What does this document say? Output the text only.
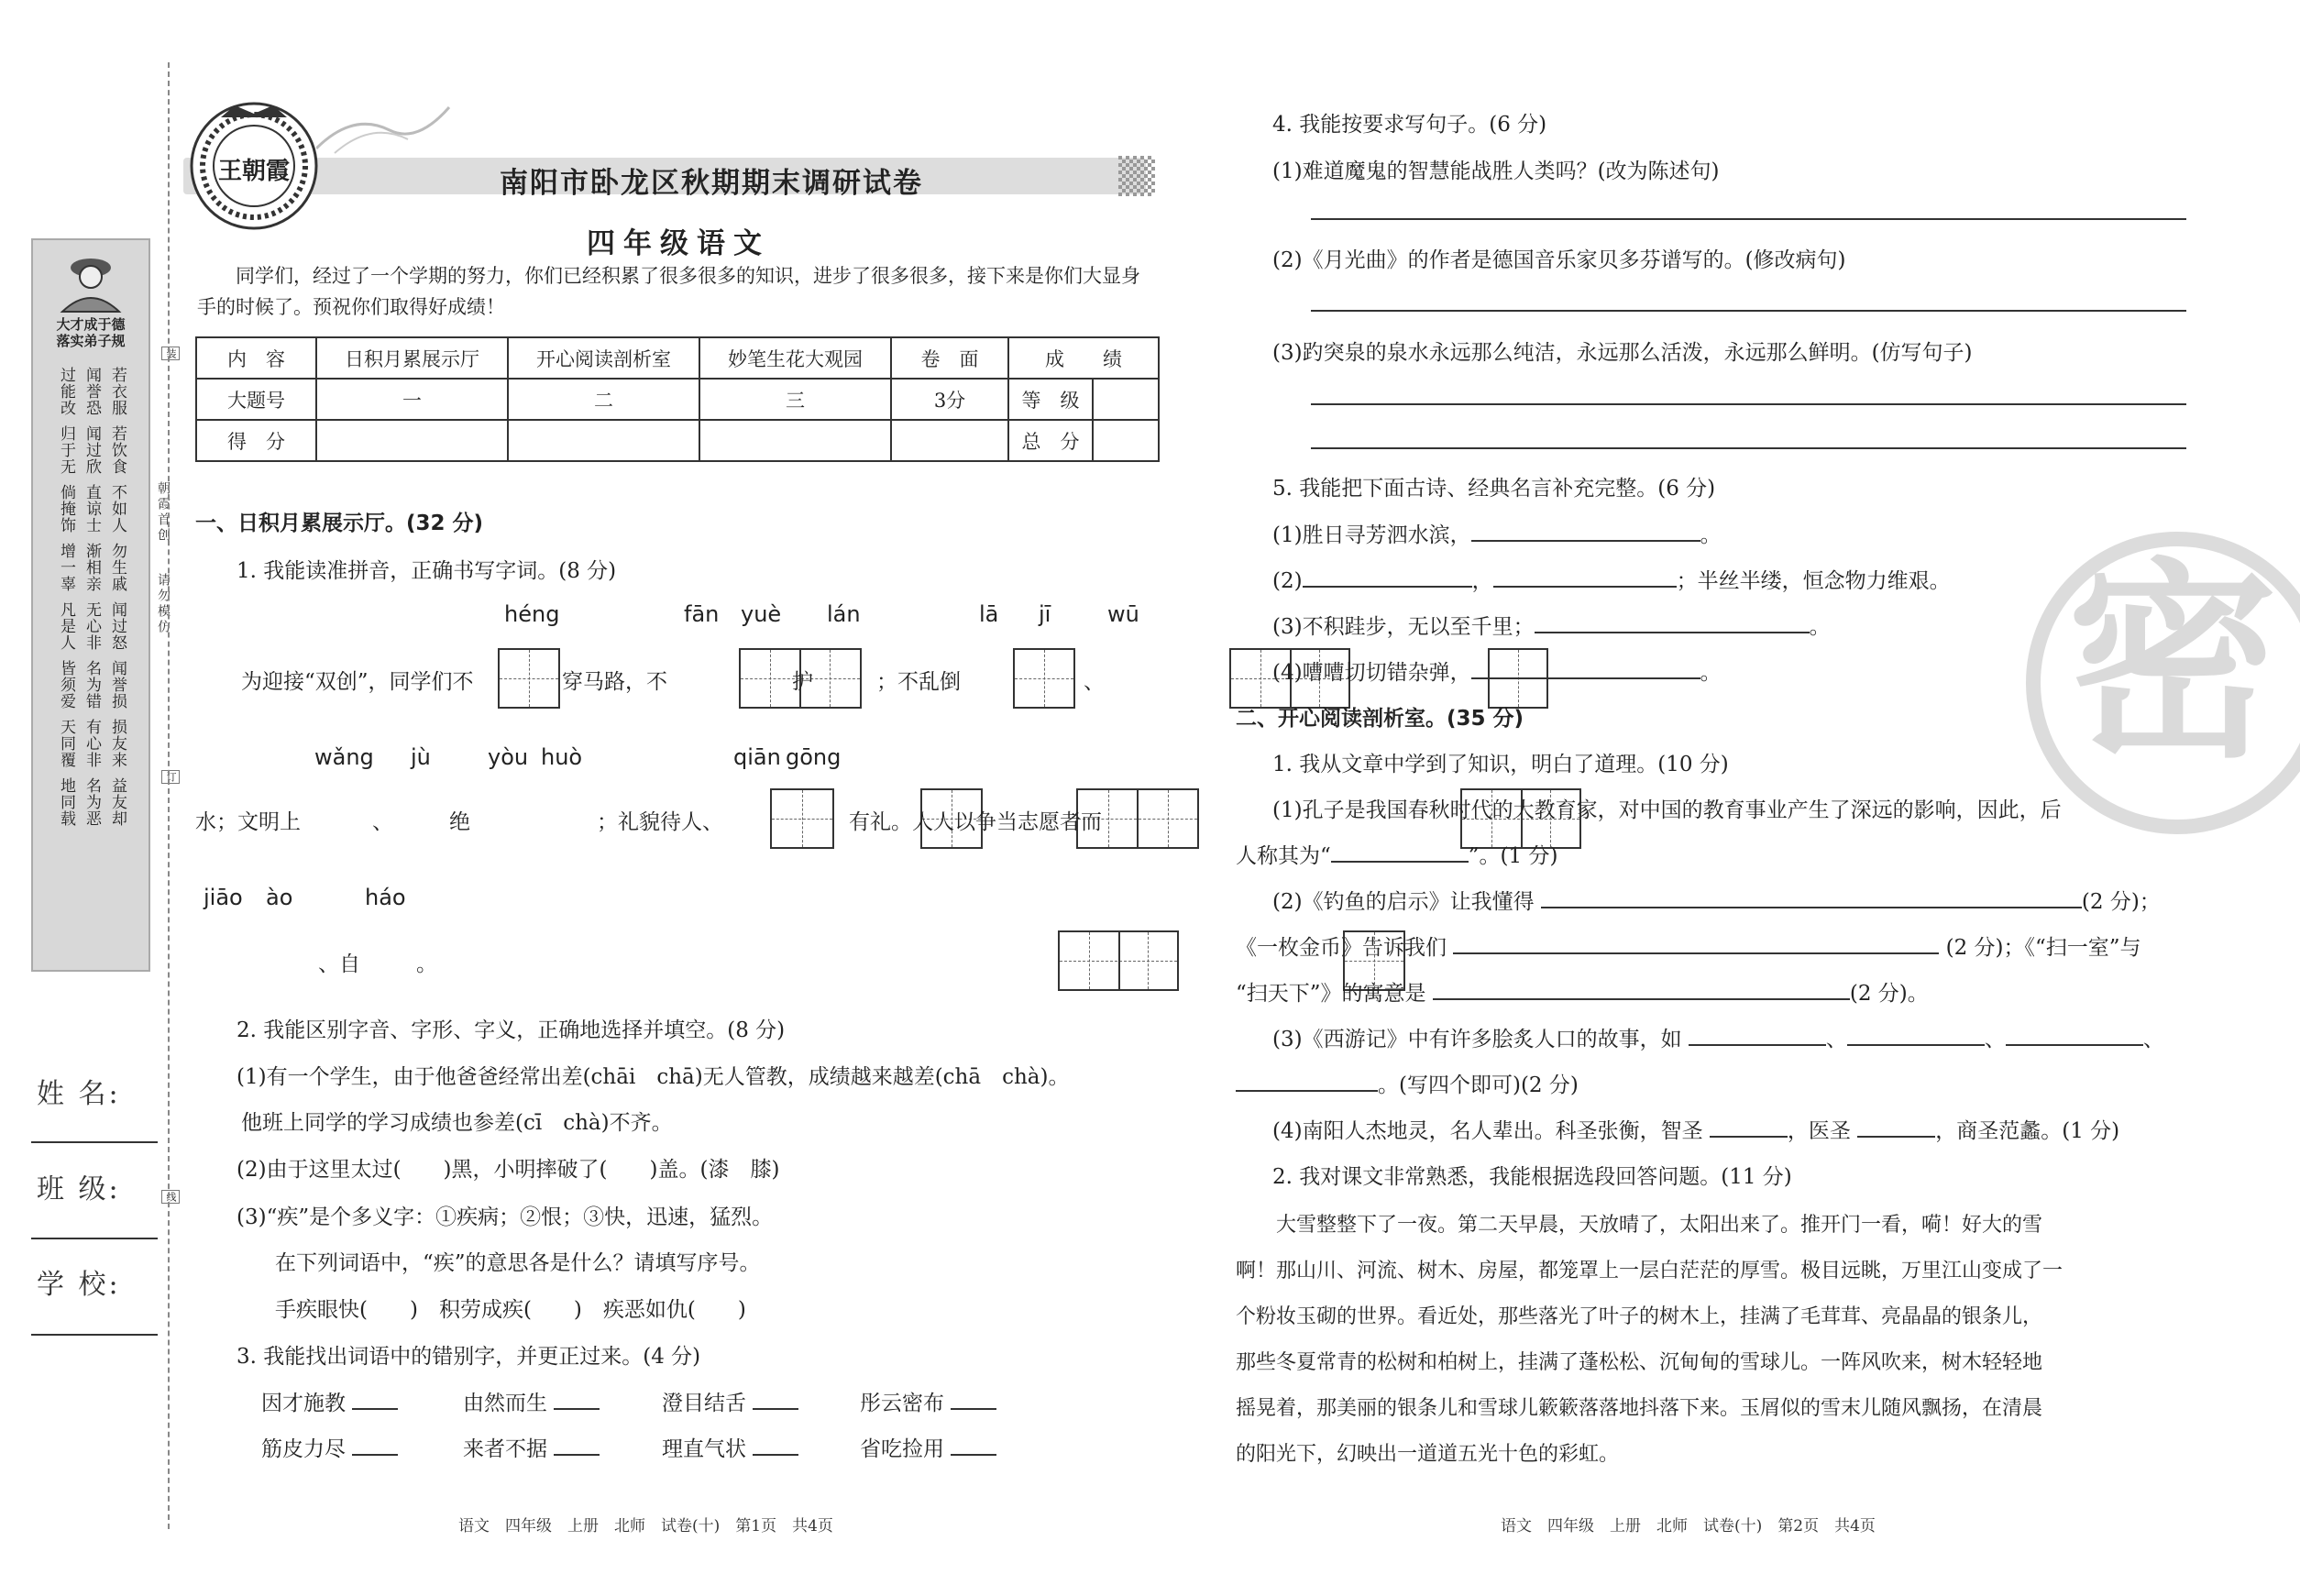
大才成于德
落实弟子规
过能改 闻誉恐 若衣服
归于无 闻过欣 若饮食
倘掩饰 直谅士 不如人
增一辜 渐相亲 勿生戚
凡是人 无心非 闻过怒
皆须爱 名为错 闻誉损
天同覆 有心非 损友来
地同载 名为恶 益友却
朝霞首创
请勿模仿
装
订
线
姓 名:
班 级:
学 校:
王朝霞	南阳市卧龙区秋期期末调研试卷
四年级语文
同学们，经过了一个学期的努力，你们已经积累了很多很多的知识，进步了很多很多，接下来是你们大显身手的时候了。预祝你们取得好成绩！
内　容	日积月累展示厅	开心阅读剖析室	妙笔生花大观园	卷　面	成　　绩	
大题号	一	二	三	3分	等　级	
得　分					总　分	
一、日积月累展示厅。(32 分)
1. 我能读准拼音，正确书写字词。(8 分)
héng	fān yuè lán	lā jī	wū
为迎接“双创”，同学们不
	穿马路，不
	护
	；不乱倒
	、

wǎng jù	yòu huò	qiān gōng
水；文明上
	、
	绝
	；礼貌待人、
	有礼。人人以争当志愿者而
jiāo ào	háo

、自	。
2. 我能区别字音、字形、字义，正确地选择并填空。(8 分)
(1)有一个学生，由于他爸爸经常出差(chāi　chā)无人管教，成绩越来越差(chā　chà)。
他班上同学的学习成绩也参差(cī　chà)不齐。
(2)由于这里太过(　　)黑，小明摔破了(　　)盖。(漆　膝)
(3)“疾”是个多义字：①疾病；②恨；③快，迅速，猛烈。
在下列词语中，“疾”的意思各是什么？请填写序号。
手疾眼快(　　)　积劳成疾(　　)　疾恶如仇(　　)
3. 我能找出词语中的错别字，并更正过来。(4 分)
因才施教	由然而生	澄目结舌	彤云密布
筋皮力尽	来者不据	理直气状	省吃捡用
语文　四年级　上册　北师　试卷(十)　第1页　共4页
密
4. 我能按要求写句子。(6 分)
(1)难道魔鬼的智慧能战胜人类吗？(改为陈述句)
(2)《月光曲》的作者是德国音乐家贝多芬谱写的。(修改病句)
(3)趵突泉的泉水永远那么纯洁，永远那么活泼，永远那么鲜明。(仿写句子)
5. 我能把下面古诗、经典名言补充完整。(6 分)
(1)胜日寻芳泗水滨，	。
(2)	，	；半丝半缕，恒念物力维艰。
(3)不积跬步，无以至千里；	。
(4)嘈嘈切切错杂弹，	。
二、开心阅读剖析室。(35 分)
1. 我从文章中学到了知识，明白了道理。(10 分)
(1)孔子是我国春秋时代的大教育家，对中国的教育事业产生了深远的影响，因此，后
人称其为“	”。(1 分)
(2)《钓鱼的启示》让我懂得	(2 分)；
《一枚金币》告诉我们	(2 分)；《“扫一室”与
“扫天下”》的寓意是	(2 分)。
(3)《西游记》中有许多脍炙人口的故事，如	、	、	、
。(写四个即可)(2 分)
(4)南阳人杰地灵，名人辈出。科圣张衡，智圣	，医圣	，商圣范蠡。(1 分)
2. 我对课文非常熟悉，我能根据选段回答问题。(11 分)
大雪整整下了一夜。第二天早晨，天放晴了，太阳出来了。推开门一看，嗬！好大的雪
啊！那山川、河流、树木、房屋，都笼罩上一层白茫茫的厚雪。极目远眺，万里江山变成了一
个粉妆玉砌的世界。看近处，那些落光了叶子的树木上，挂满了毛茸茸、亮晶晶的银条儿，
那些冬夏常青的松树和柏树上，挂满了蓬松松、沉甸甸的雪球儿。一阵风吹来，树木轻轻地
摇晃着，那美丽的银条儿和雪球儿簌簌落落地抖落下来。玉屑似的雪末儿随风飘扬，在清晨
的阳光下，幻映出一道道五光十色的彩虹。
语文　四年级　上册　北师　试卷(十)　第2页　共4页
